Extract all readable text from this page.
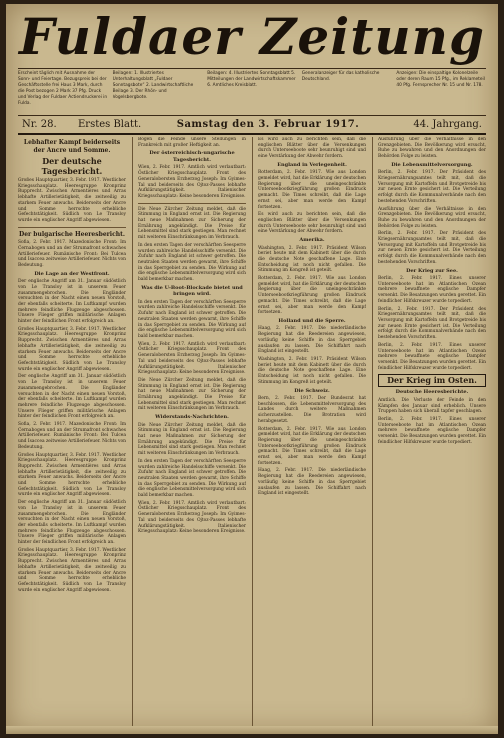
Fuldaer Zeitung
Erscheint täglich mit Ausnahme der Sonn- und Feiertage. Bezugspreis bei der Geschäftsstelle frei Haus 3 Mark, durch die Post bezogen 2 Mark 37 Pfg. Druck und Verlag der Fuldaer Actiendruckerei in Fulda.
Beilagen: 1. Illustriertes Unterhaltungsblatt „Fuldaer Sonntagsbote“ 2. Landwirtschaftliche Beilage 3. Der Rhön- und Vogelsbergbote.
Beilagen: 4. Illustriertes Sonntagsblatt 5. Mitteilungen der Landwirtschaftskammer 6. Amtliches Kreisblatt.
Generalanzeiger für das katholische Deutschland.
Anzeigen: Die einspaltige Kolonelzeile oder deren Raum 15 Pfg., im Reklameteil 40 Pfg. Fernsprecher Nr. 15 und Nr. 178.
Nr. 28. Erstes Blatt.	Samstag den 3. Februar 1917.	44. Jahrgang.
Lebhafter Kampf beiderseits der Ancre und Somme.
Der deutsche Tagesbericht.

Großes Hauptquartier, 3. Febr. 1917. Westlicher Kriegsschauplatz. Heeresgruppe Kronprinz Rupprecht. Zwischen Armentières und Arras lebhafte Artillerietätigkeit, die zeitweilig zu starkem Feuer anwuchs. Beiderseits der Ancre und Somme herrschte erhebliche Gefechtstätigkeit. Südlich von Le Transloy wurde ein englischer Angriff abgewiesen.

Der bulgarische Heeresbericht.

Sofia, 2. Febr. 1917. Mazedonische Front: Im Cernabogen und an der Strumafront schwaches Artilleriefeuer. Rumänische Front: Bei Tulcea und Isaccea zeitweise Artilleriefeuer. Nichts von Bedeutung.

Die Lage an der Westfront.

Der englische Angriff am 31. Januar südöstlich von Le Transloy ist in unserem Feuer zusammengebrochen. Die Engländer versuchten in der Nacht einen neuen Vorstoß, der ebenfalls scheiterte. Im Luftkampf wurden mehrere feindliche Flugzeuge abgeschossen. Unsere Flieger griffen militärische Anlagen hinter der feindlichen Front erfolgreich an.

Großes Hauptquartier, 3. Febr. 1917. Westlicher Kriegsschauplatz. Heeresgruppe Kronprinz Rupprecht. Zwischen Armentières und Arras lebhafte Artillerietätigkeit, die zeitweilig zu starkem Feuer anwuchs. Beiderseits der Ancre und Somme herrschte erhebliche Gefechtstätigkeit. Südlich von Le Transloy wurde ein englischer Angriff abgewiesen.

Der englische Angriff am 31. Januar südöstlich von Le Transloy ist in unserem Feuer zusammengebrochen. Die Engländer versuchten in der Nacht einen neuen Vorstoß, der ebenfalls scheiterte. Im Luftkampf wurden mehrere feindliche Flugzeuge abgeschossen. Unsere Flieger griffen militärische Anlagen hinter der feindlichen Front erfolgreich an.

Sofia, 2. Febr. 1917. Mazedonische Front: Im Cernabogen und an der Strumafront schwaches Artilleriefeuer. Rumänische Front: Bei Tulcea und Isaccea zeitweise Artilleriefeuer. Nichts von Bedeutung.

Großes Hauptquartier, 3. Febr. 1917. Westlicher Kriegsschauplatz. Heeresgruppe Kronprinz Rupprecht. Zwischen Armentières und Arras lebhafte Artillerietätigkeit, die zeitweilig zu starkem Feuer anwuchs. Beiderseits der Ancre und Somme herrschte erhebliche Gefechtstätigkeit. Südlich von Le Transloy wurde ein englischer Angriff abgewiesen.

Der englische Angriff am 31. Januar südöstlich von Le Transloy ist in unserem Feuer zusammengebrochen. Die Engländer versuchten in der Nacht einen neuen Vorstoß, der ebenfalls scheiterte. Im Luftkampf wurden mehrere feindliche Flugzeuge abgeschossen. Unsere Flieger griffen militärische Anlagen hinter der feindlichen Front erfolgreich an.

Großes Hauptquartier, 3. Febr. 1917. Westlicher Kriegsschauplatz. Heeresgruppe Kronprinz Rupprecht. Zwischen Armentières und Arras lebhafte Artillerietätigkeit, die zeitweilig zu starkem Feuer anwuchs. Beiderseits der Ancre und Somme herrschte erhebliche Gefechtstätigkeit. Südlich von Le Transloy wurde ein englischer Angriff abgewiesen.

Bogen die Feinde unsere Stellungen in Frankreich mit großer Heftigkeit an.

Der österreichisch-ungarische Tagesbericht.

Wien, 2. Febr. 1917. Amtlich wird verlautbart: Östlicher Kriegsschauplatz. Front des Generalobersten Erzherzog Joseph: Im Gyimes-Tal und beiderseits des Ojtoz-Passes lebhafte Aufklärungstätigkeit. Italienischer Kriegsschauplatz: Keine besonderen Ereignisse.

Die Neue Zürcher Zeitung meldet, daß die Stimmung in England ernst ist. Die Regierung hat neue Maßnahmen zur Sicherung der Ernährung angekündigt. Die Preise für Lebensmittel sind stark gestiegen. Man rechnet mit weiteren Einschränkungen im Verbrauch.

In den ersten Tagen der verschärften Seesperre wurden zahlreiche Handelsschiffe versenkt. Die Zufuhr nach England ist schwer getroffen. Die neutralen Staaten werden gewarnt, ihre Schiffe in das Sperrgebiet zu senden. Die Wirkung auf die englische Lebensmittelversorgung wird sich bald bemerkbar machen.

Was die U-Boot-Blockade bietet und bringen wird.

In den ersten Tagen der verschärften Seesperre wurden zahlreiche Handelsschiffe versenkt. Die Zufuhr nach England ist schwer getroffen. Die neutralen Staaten werden gewarnt, ihre Schiffe in das Sperrgebiet zu senden. Die Wirkung auf die englische Lebensmittelversorgung wird sich bald bemerkbar machen.

Wien, 2. Febr. 1917. Amtlich wird verlautbart: Östlicher Kriegsschauplatz. Front des Generalobersten Erzherzog Joseph: Im Gyimes-Tal und beiderseits des Ojtoz-Passes lebhafte Aufklärungstätigkeit. Italienischer Kriegsschauplatz: Keine besonderen Ereignisse.

Die Neue Zürcher Zeitung meldet, daß die Stimmung in England ernst ist. Die Regierung hat neue Maßnahmen zur Sicherung der Ernährung angekündigt. Die Preise für Lebensmittel sind stark gestiegen. Man rechnet mit weiteren Einschränkungen im Verbrauch.

Widerstands-Nachrichten.

Die Neue Zürcher Zeitung meldet, daß die Stimmung in England ernst ist. Die Regierung hat neue Maßnahmen zur Sicherung der Ernährung angekündigt. Die Preise für Lebensmittel sind stark gestiegen. Man rechnet mit weiteren Einschränkungen im Verbrauch.

In den ersten Tagen der verschärften Seesperre wurden zahlreiche Handelsschiffe versenkt. Die Zufuhr nach England ist schwer getroffen. Die neutralen Staaten werden gewarnt, ihre Schiffe in das Sperrgebiet zu senden. Die Wirkung auf die englische Lebensmittelversorgung wird sich bald bemerkbar machen.

Wien, 2. Febr. 1917. Amtlich wird verlautbart: Östlicher Kriegsschauplatz. Front des Generalobersten Erzherzog Joseph: Im Gyimes-Tal und beiderseits des Ojtoz-Passes lebhafte Aufklärungstätigkeit. Italienischer Kriegsschauplatz: Keine besonderen Ereignisse.

Es wird auch zu berichten sein, daß die englischen Blätter über die Versenkungen durch Unterseeboote sehr beunruhigt sind und eine Verstärkung der Abwehr fordern.

England in Verlegenheit.

Rotterdam, 2. Febr. 1917. Wie aus London gemeldet wird, hat die Erklärung der deutschen Regierung über die uneingeschränkte Unterseebootkriegführung großen Eindruck gemacht. Die Times schreibt, daß die Lage ernst sei, aber man werde den Kampf fortsetzen.

Es wird auch zu berichten sein, daß die englischen Blätter über die Versenkungen durch Unterseeboote sehr beunruhigt sind und eine Verstärkung der Abwehr fordern.

Amerika.

Washington, 2. Febr. 1917. Präsident Wilson beriet heute mit dem Kabinett über die durch die deutsche Note geschaffene Lage. Eine Entscheidung ist noch nicht gefallen. Die Stimmung im Kongreß ist geteilt.

Rotterdam, 2. Febr. 1917. Wie aus London gemeldet wird, hat die Erklärung der deutschen Regierung über die uneingeschränkte Unterseebootkriegführung großen Eindruck gemacht. Die Times schreibt, daß die Lage ernst sei, aber man werde den Kampf fortsetzen.

Holland und die Sperre.

Haag, 2. Febr. 1917. Die niederländische Regierung hat die Reedereien angewiesen, vorläufig keine Schiffe in das Sperrgebiet auslaufen zu lassen. Die Schiffahrt nach England ist eingestellt.

Washington, 2. Febr. 1917. Präsident Wilson beriet heute mit dem Kabinett über die durch die deutsche Note geschaffene Lage. Eine Entscheidung ist noch nicht gefallen. Die Stimmung im Kongreß ist geteilt.

Die Schweiz.

Bern, 2. Febr. 1917. Der Bundesrat hat beschlossen, die Lebensmittelversorgung des Landes durch weitere Maßnahmen sicherzustellen. Die Brotration wird herabgesetzt.

Rotterdam, 2. Febr. 1917. Wie aus London gemeldet wird, hat die Erklärung der deutschen Regierung über die uneingeschränkte Unterseebootkriegführung großen Eindruck gemacht. Die Times schreibt, daß die Lage ernst sei, aber man werde den Kampf fortsetzen.

Haag, 2. Febr. 1917. Die niederländische Regierung hat die Reedereien angewiesen, vorläufig keine Schiffe in das Sperrgebiet auslaufen zu lassen. Die Schiffahrt nach England ist eingestellt.

Ausführung über die Verhältnisse in den Grenzgebieten. Die Bevölkerung wird ersucht, Ruhe zu bewahren und den Anordnungen der Behörden Folge zu leisten.

Die Lebensmittelversorgung.

Berlin, 2. Febr. 1917. Der Präsident des Kriegsernährungsamtes teilt mit, daß die Versorgung mit Kartoffeln und Brotgetreide bis zur neuen Ernte gesichert ist. Die Verteilung erfolgt durch die Kommunalverbände nach den bestehenden Vorschriften.

Ausführung über die Verhältnisse in den Grenzgebieten. Die Bevölkerung wird ersucht, Ruhe zu bewahren und den Anordnungen der Behörden Folge zu leisten.

Berlin, 2. Febr. 1917. Der Präsident des Kriegsernährungsamtes teilt mit, daß die Versorgung mit Kartoffeln und Brotgetreide bis zur neuen Ernte gesichert ist. Die Verteilung erfolgt durch die Kommunalverbände nach den bestehenden Vorschriften.

Der Krieg zur See.

Berlin, 2. Febr. 1917. Eines unserer Unterseeboote hat im Atlantischen Ozean mehrere bewaffnete englische Dampfer versenkt. Die Besatzungen wurden gerettet. Ein feindlicher Hilfskreuzer wurde torpediert.

Berlin, 2. Febr. 1917. Der Präsident des Kriegsernährungsamtes teilt mit, daß die Versorgung mit Kartoffeln und Brotgetreide bis zur neuen Ernte gesichert ist. Die Verteilung erfolgt durch die Kommunalverbände nach den bestehenden Vorschriften.

Berlin, 2. Febr. 1917. Eines unserer Unterseeboote hat im Atlantischen Ozean mehrere bewaffnete englische Dampfer versenkt. Die Besatzungen wurden gerettet. Ein feindlicher Hilfskreuzer wurde torpediert.

Der Krieg im Osten.
Deutsche Heeresberichte.

Amtlich. Die Verluste der Feinde in den Kämpfen des Januar sind erheblich. Unsere Truppen haben sich überall tapfer geschlagen.

Berlin, 2. Febr. 1917. Eines unserer Unterseeboote hat im Atlantischen Ozean mehrere bewaffnete englische Dampfer versenkt. Die Besatzungen wurden gerettet. Ein feindlicher Hilfskreuzer wurde torpediert.
